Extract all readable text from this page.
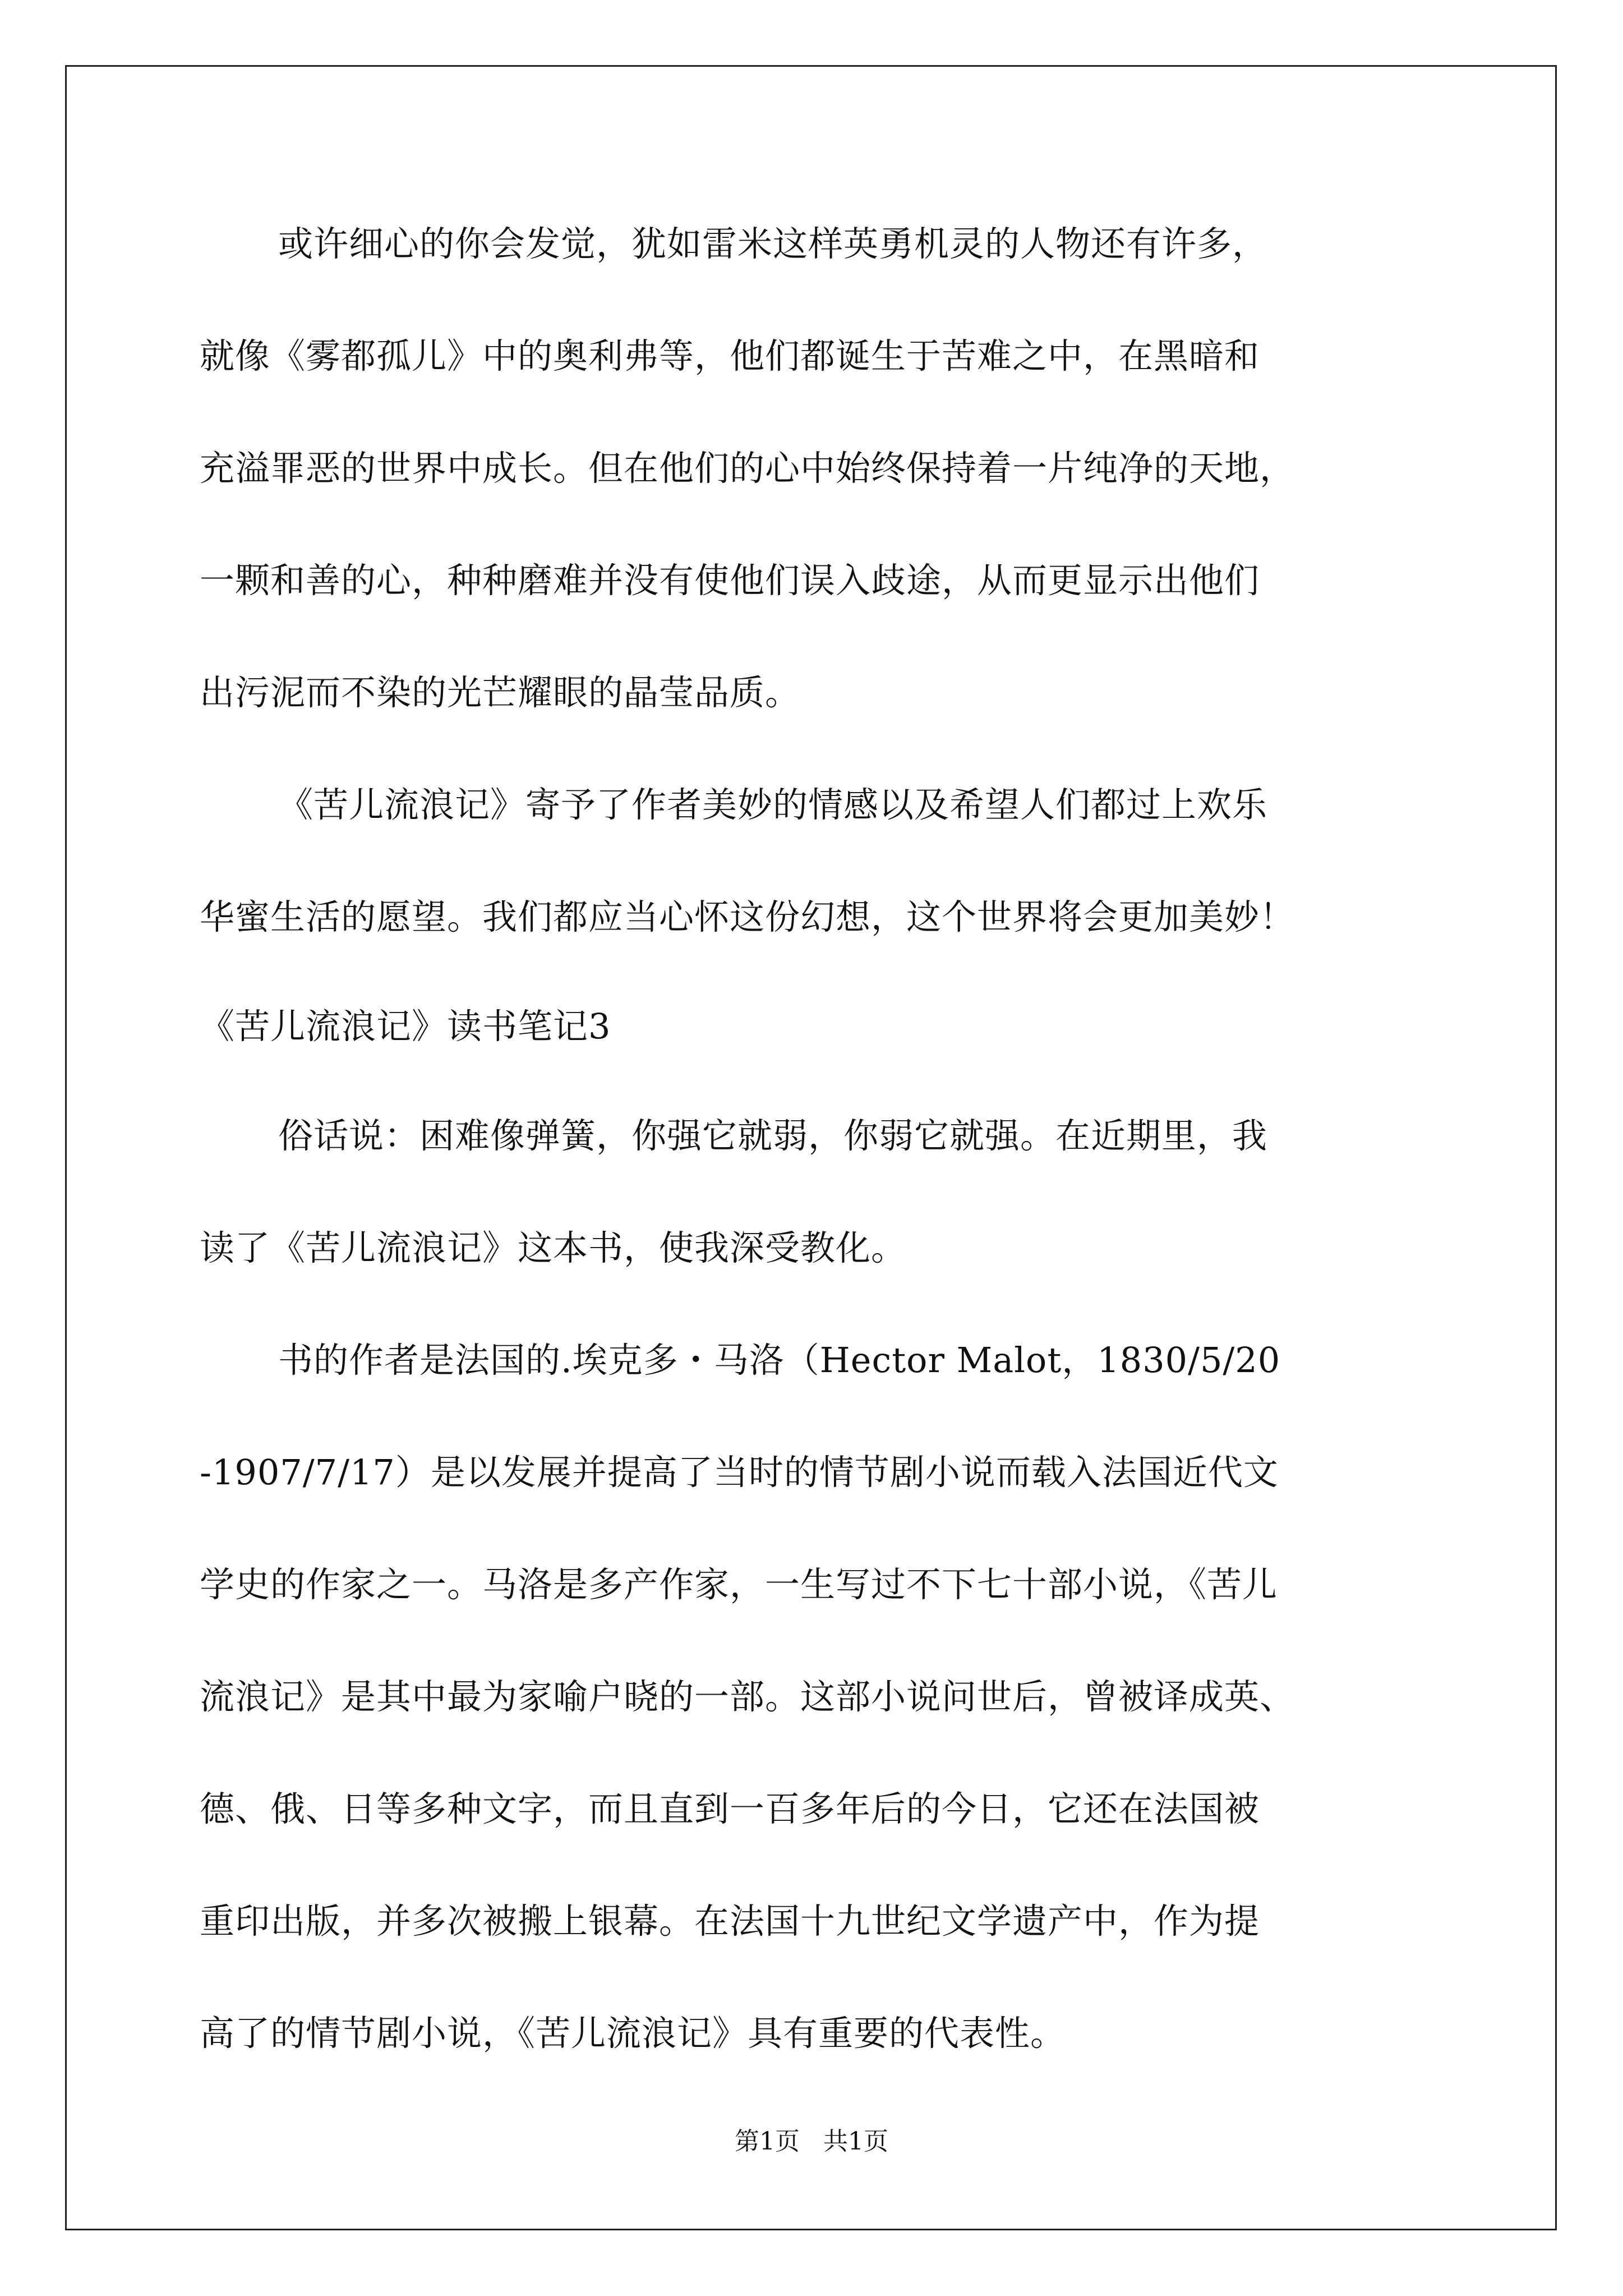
或许细心的你会发觉，犹如雷米这样英勇机灵的人物还有许多，
就像《雾都孤儿》中的奥利弗等，他们都诞生于苦难之中，在黑暗和
充溢罪恶的世界中成长。但在他们的心中始终保持着一片纯净的天地，
一颗和善的心，种种磨难并没有使他们误入歧途，从而更显示出他们
出污泥而不染的光芒耀眼的晶莹品质。
《苦儿流浪记》寄予了作者美妙的情感以及希望人们都过上欢乐
华蜜生活的愿望。我们都应当心怀这份幻想，这个世界将会更加美妙！
《苦儿流浪记》读书笔记3
俗话说：困难像弹簧，你强它就弱，你弱它就强。在近期里，我
读了《苦儿流浪记》这本书，使我深受教化。
书的作者是法国的.埃克多・马洛（Hector Malot，1830/5/20
-1907/7/17）是以发展并提高了当时的情节剧小说而载入法国近代文
学史的作家之一。马洛是多产作家，一生写过不下七十部小说，《苦儿
流浪记》是其中最为家喻户晓的一部。这部小说问世后，曾被译成英、
德、俄、日等多种文字，而且直到一百多年后的今日，它还在法国被
重印出版，并多次被搬上银幕。在法国十九世纪文学遗产中，作为提
高了的情节剧小说，《苦儿流浪记》具有重要的代表性。
第1页   共1页
